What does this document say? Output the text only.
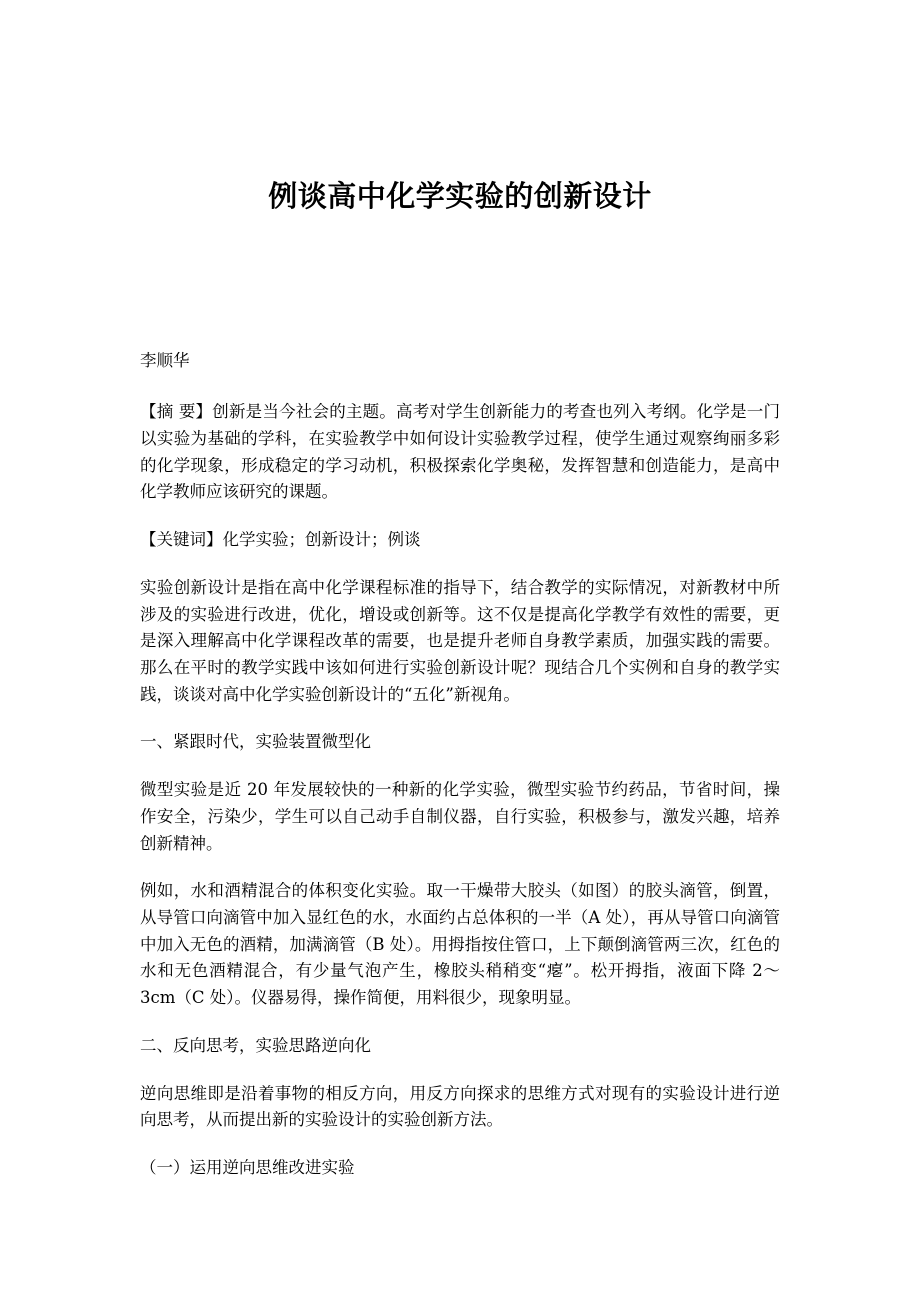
例谈高中化学实验的创新设计
李顺华

【摘 要】创新是当今社会的主题。高考对学生创新能力的考查也列入考纲。化学是一门以实验为基础的学科，在实验教学中如何设计实验教学过程，使学生通过观察绚丽多彩的化学现象，形成稳定的学习动机，积极探索化学奥秘，发挥智慧和创造能力，是高中化学教师应该研究的课题。

【关键词】化学实验；创新设计；例谈

实验创新设计是指在高中化学课程标准的指导下，结合教学的实际情况，对新教材中所涉及的实验进行改进，优化，增设或创新等。这不仅是提高化学教学有效性的需要，更是深入理解高中化学课程改革的需要，也是提升老师自身教学素质，加强实践的需要。那么在平时的教学实践中该如何进行实验创新设计呢？现结合几个实例和自身的教学实践，谈谈对高中化学实验创新设计的“五化”新视角。

一、紧跟时代，实验装置微型化

微型实验是近 20 年发展较快的一种新的化学实验，微型实验节约药品，节省时间，操作安全，污染少，学生可以自己动手自制仪器，自行实验，积极参与，激发兴趣，培养创新精神。

例如，水和酒精混合的体积变化实验。取一干燥带大胶头（如图）的胶头滴管，倒置，从导管口向滴管中加入显红色的水，水面约占总体积的一半（A 处），再从导管口向滴管中加入无色的酒精，加满滴管（B 处）。用拇指按住管口，上下颠倒滴管两三次，红色的水和无色酒精混合，有少量气泡产生，橡胶头稍稍变“瘪”。松开拇指，液面下降 2～3cm（C 处）。仪器易得，操作简便，用料很少，现象明显。

二、反向思考，实验思路逆向化

逆向思维即是沿着事物的相反方向，用反方向探求的思维方式对现有的实验设计进行逆向思考，从而提出新的实验设计的实验创新方法。

（一）运用逆向思维改进实验
